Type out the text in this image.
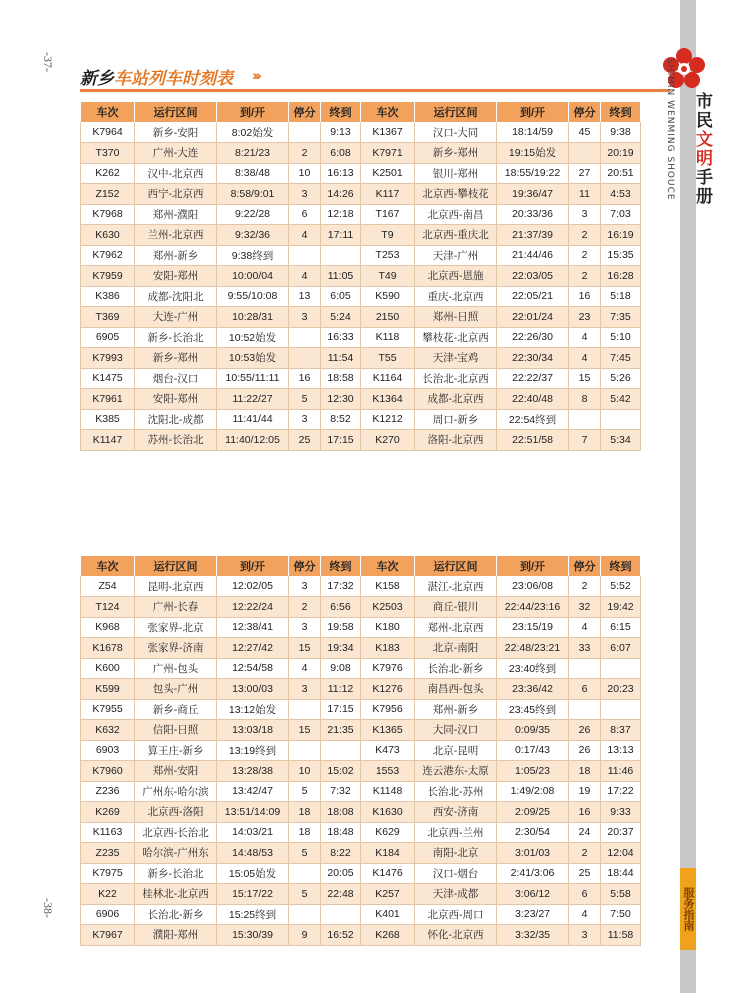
-37-
-38-
新乡车站列车时刻表 ››››	SHIMIN WENMING SHOUCE 市民文明手册
服务指南
车次	运行区间	到/开	停分	终到	车次	运行区间	到/开	停分	终到
K7964	新乡-安阳	8:02始发		9:13	K1367	汉口-大同	18:14/59	45	9:38
T370	广州-大连	8:21/23	2	6:08	K7971	新乡-郑州	19:15始发		20:19
K262	汉中-北京西	8:38/48	10	16:13	K2501	银川-郑州	18:55/19:22	27	20:51
Z152	西宁-北京西	8:58/9:01	3	14:26	K117	北京西-攀枝花	19:36/47	11	4:53
K7968	郑州-濮阳	9:22/28	6	12:18	T167	北京西-南昌	20:33/36	3	7:03
K630	兰州-北京西	9:32/36	4	17:11	T9	北京西-重庆北	21:37/39	2	16:19
K7962	郑州-新乡	9:38终到			T253	天津-广州	21:44/46	2	15:35
K7959	安阳-郑州	10:00/04	4	11:05	T49	北京西-恩施	22:03/05	2	16:28
K386	成都-沈阳北	9:55/10:08	13	6:05	K590	重庆-北京西	22:05/21	16	5:18
T369	大连-广州	10:28/31	3	5:24	2150	郑州-日照	22:01/24	23	7:35
6905	新乡-长治北	10:52始发		16:33	K118	攀枝花-北京西	22:26/30	4	5:10
K7993	新乡-郑州	10:53始发		11:54	T55	天津-宝鸡	22:30/34	4	7:45
K1475	烟台-汉口	10:55/11:11	16	18:58	K1164	长治北-北京西	22:22/37	15	5:26
K7961	安阳-郑州	11:22/27	5	12:30	K1364	成都-北京西	22:40/48	8	5:42
K385	沈阳北-成都	11:41/44	3	8:52	K1212	周口-新乡	22:54终到		
K1147	苏州-长治北	11:40/12:05	25	17:15	K270	洛阳-北京西	22:51/58	7	5:34
车次	运行区间	到/开	停分	终到	车次	运行区间	到/开	停分	终到
Z54	昆明-北京西	12:02/05	3	17:32	K158	湛江-北京西	23:06/08	2	5:52
T124	广州-长春	12:22/24	2	6:56	K2503	商丘-银川	22:44/23:16	32	19:42
K968	张家界-北京	12:38/41	3	19:58	K180	郑州-北京西	23:15/19	4	6:15
K1678	张家界-济南	12:27/42	15	19:34	K183	北京-南阳	22:48/23:21	33	6:07
K600	广州-包头	12:54/58	4	9:08	K7976	长治北-新乡	23:40终到		
K599	包头-广州	13:00/03	3	11:12	K1276	南昌西-包头	23:36/42	6	20:23
K7955	新乡-商丘	13:12始发		17:15	K7956	郑州-新乡	23:45终到		
K632	信阳-日照	13:03/18	15	21:35	K1365	大同-汉口	0:09/35	26	8:37
6903	算王庄-新乡	13:19终到			K473	北京-昆明	0:17/43	26	13:13
K7960	郑州-安阳	13:28/38	10	15:02	1553	连云港东-太原	1:05/23	18	11:46
Z236	广州东-哈尔滨	13:42/47	5	7:32	K1148	长治北-苏州	1:49/2:08	19	17:22
K269	北京西-洛阳	13:51/14:09	18	18:08	K1630	西安-济南	2:09/25	16	9:33
K1163	北京西-长治北	14:03/21	18	18:48	K629	北京西-兰州	2:30/54	24	20:37
Z235	哈尔滨-广州东	14:48/53	5	8:22	K184	南阳-北京	3:01/03	2	12:04
K7975	新乡-长治北	15:05始发		20:05	K1476	汉口-烟台	2:41/3:06	25	18:44
K22	桂林北-北京西	15:17/22	5	22:48	K257	天津-成都	3:06/12	6	5:58
6906	长治北-新乡	15:25终到			K401	北京西-周口	3:23/27	4	7:50
K7967	濮阳-郑州	15:30/39	9	16:52	K268	怀化-北京西	3:32/35	3	11:58
